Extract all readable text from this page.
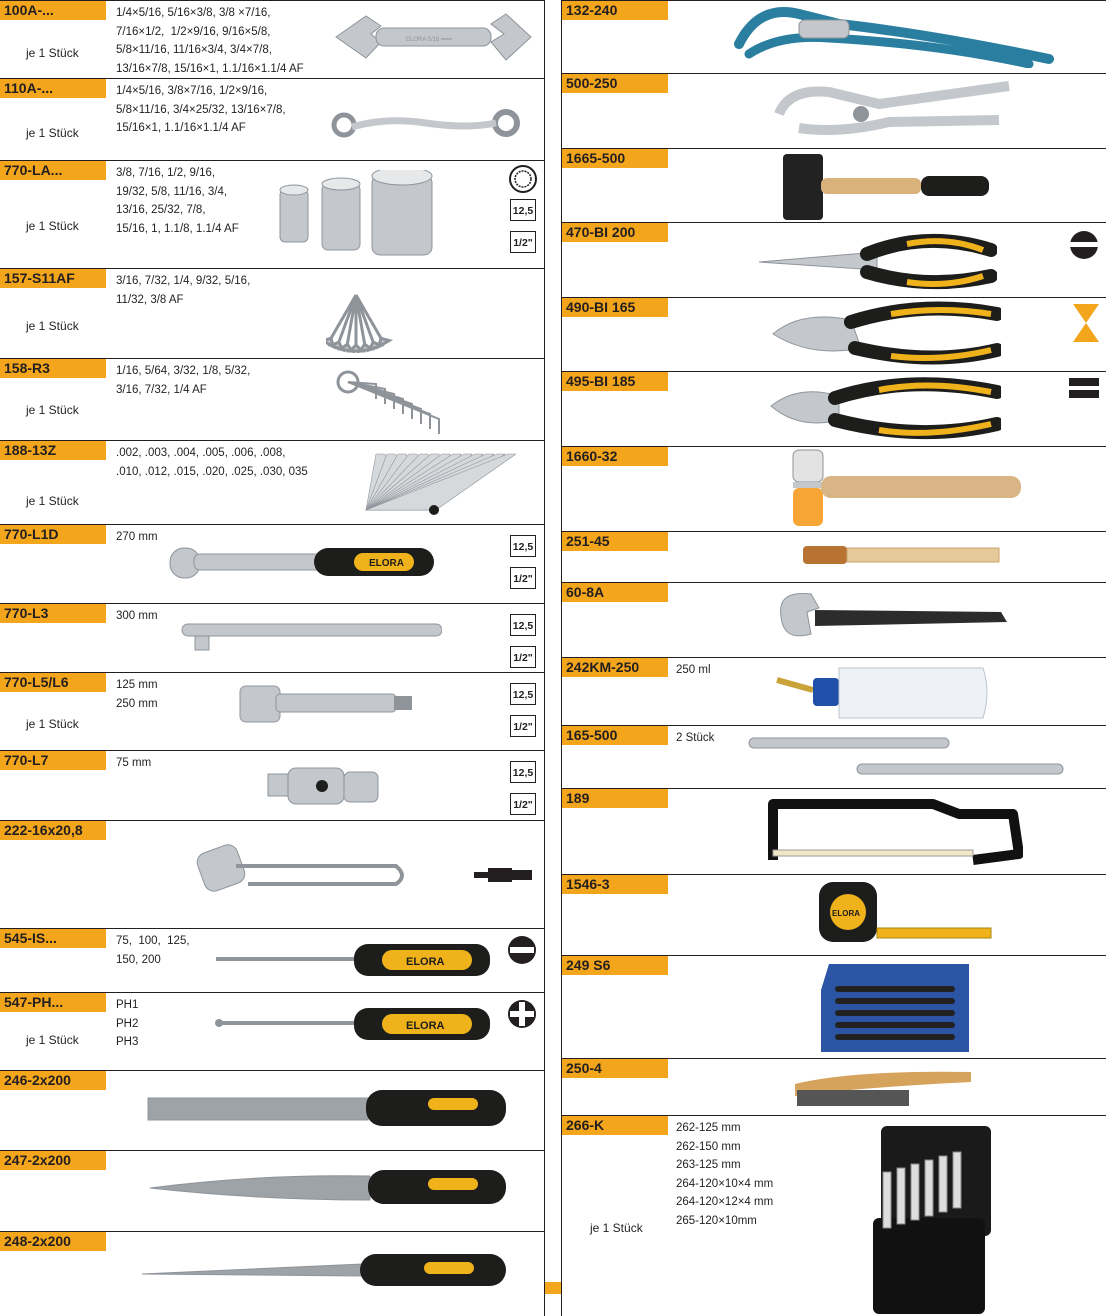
100A-...	1/4×5/16, 5/16×3/8, 3/8 ×7/16,
7/16×1/2,  1/2×9/16, 9/16×5/8,
5/8×11/16, 11/16×3/4, 3/4×7/8,
13/16×7/8, 15/16×1, 1.1/16×1.1/4 AF
je 1 Stück
ELORA 5/16 ━━━
110A-...	1/4×5/16, 3/8×7/16, 1/2×9/16,
5/8×11/16, 3/4×25/32, 13/16×7/8,
15/16×1, 1.1/16×1.1/4 AF
je 1 Stück
770-LA...	3/8, 7/16, 1/2, 9/16,
19/32, 5/8, 11/16, 3/4,
13/16, 25/32, 7/8,
15/16, 1, 1.1/8, 1.1/4 AF
je 1 Stück
12,5
1/2"
157-S11AF	3/16, 7/32, 1/4, 9/32, 5/16,
11/32, 3/8 AF
je 1 Stück
158-R3	1/16, 5/64, 3/32, 1/8, 5/32,
3/16, 7/32, 1/4 AF
je 1 Stück
188-13Z	.002, .003, .004, .005, .006, .008,
.010, .012, .015, .020, .025, .030, 035
je 1 Stück
770-L1D	270 mm
12,5
1/2"
ELORA
770-L3	300 mm
12,5
1/2"
770-L5/L6	125 mm
250 mm
je 1 Stück
12,5
1/2"
770-L7	75 mm
12,5
1/2"
222-16x20,8
545-IS...	75,  100,  125,
150, 200	ELORA
547-PH...	PH1
PH2
PH3
je 1 Stück
ELORA
246-2x200
247-2x200
248-2x200
132-240
500-250
1665-500
470-BI 200
490-BI 165
495-BI 185
1660-32
251-45
60-8A
242KM-250	250 ml
165-500	2 Stück
189
1546-3
ELORA
249 S6
250-4
266-K	262-125 mm
262-150 mm
263-125 mm
264-120×10×4 mm
264-120×12×4 mm
265-120×10mm
je 1 Stück
